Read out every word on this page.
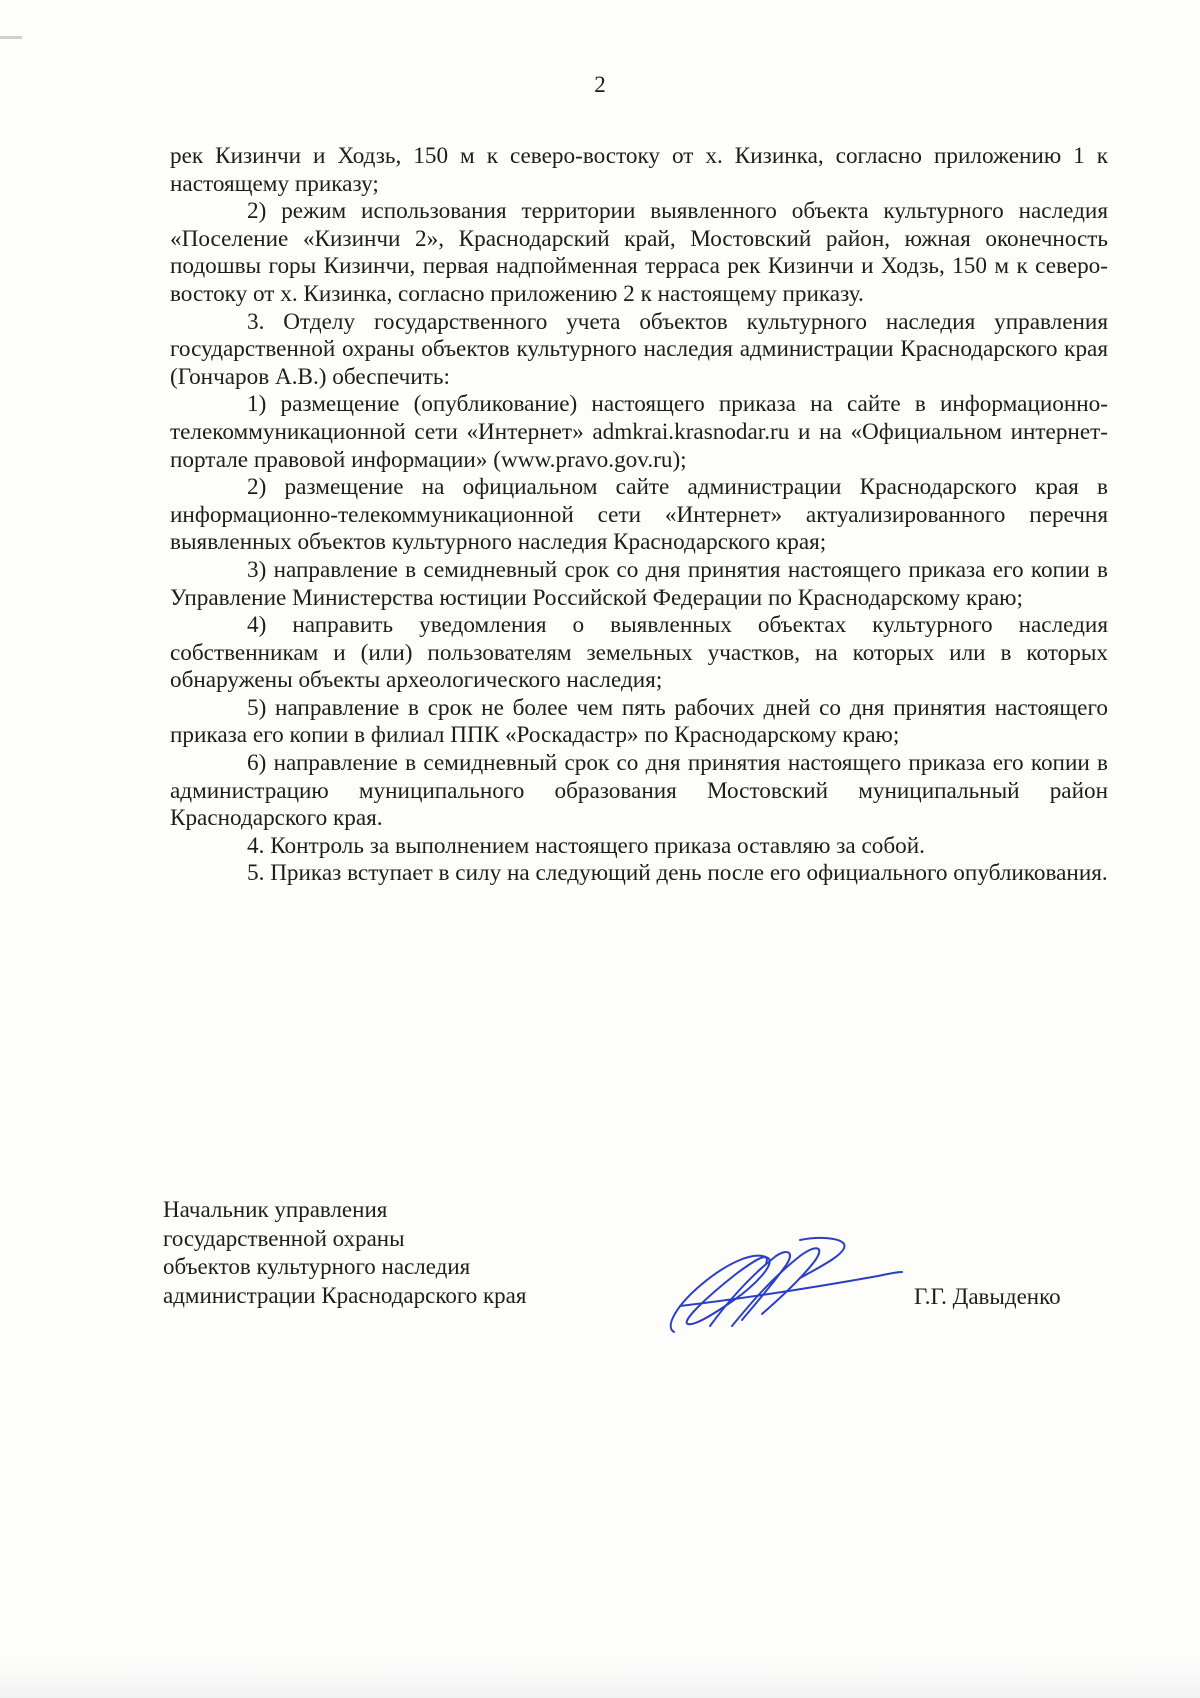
2

рек Кизинчи и Ходзь, 150 м к северо-востоку от х. Кизинка, согласно приложению 1 к настоящему приказу;

2) режим использования территории выявленного объекта культурного наследия «Поселение «Кизинчи 2», Краснодарский край, Мостовский район, южная оконечность подошвы горы Кизинчи, первая надпойменная терраса рек Кизинчи и Ходзь, 150 м к северо-востоку от х. Кизинка, согласно приложению 2 к настоящему приказу.

3. Отделу государственного учета объектов культурного наследия управления государственной охраны объектов культурного наследия администрации Краснодарского края (Гончаров А.В.) обеспечить:

1) размещение (опубликование) настоящего приказа на сайте в информационно-телекоммуникационной сети «Интернет» admkrai.krasnodar.ru и на «Официальном интернет-портале правовой информации» (www.pravo.gov.ru);

2) размещение на официальном сайте администрации Краснодарского края в информационно-телекоммуникационной сети «Интернет» актуализированного перечня выявленных объектов культурного наследия Краснодарского края;

3) направление в семидневный срок со дня принятия настоящего приказа его копии в Управление Министерства юстиции Российской Федерации по Краснодарскому краю;

4) направить уведомления о выявленных объектах культурного наследия собственникам и (или) пользователям земельных участков, на которых или в которых обнаружены объекты археологического наследия;

5) направление в срок не более чем пять рабочих дней со дня принятия настоящего приказа его копии в филиал ППК «Роскадастр» по Краснодарскому краю;

6) направление в семидневный срок со дня принятия настоящего приказа его копии в администрацию муниципального образования Мостовский муниципальный район Краснодарского края.

4. Контроль за выполнением настоящего приказа оставляю за собой.

5. Приказ вступает в силу на следующий день после его официального опубликования.

Начальник управления
государственной охраны
объектов культурного наследия
администрации Краснодарского края	Г.Г. Давыденко
